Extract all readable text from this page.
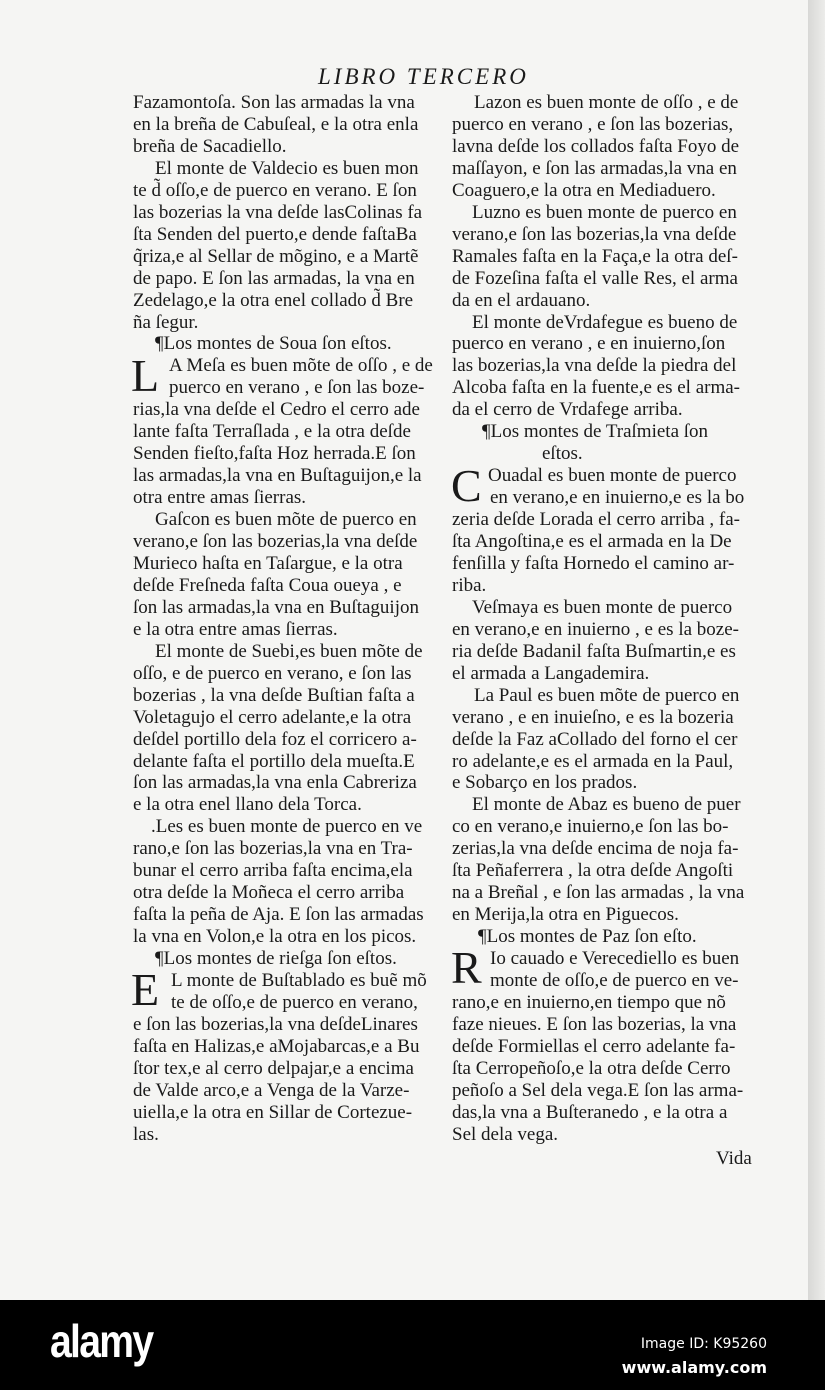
LIBRO TERCERO
Fazamontoſa. Son las armadas la vna
en la breña de Cabuſeal, e la otra enla
breña de Sacadiello.
El monte de Valdecio es buen mon
te d̃ oſſo,e de puerco en verano. E ſon
las bozerias la vna deſde lasColinas fa
ſta Senden del puerto,e dende faſtaBa
q̃riza,e al Sellar de mõgino, e a Martẽ
de papo. E ſon las armadas, la vna en
Zedelago,e la otra enel collado d̃ Bre
ña ſegur.
¶Los montes de Soua ſon eſtos.
A Meſa es buen mõte de oſſo , e de
puerco en verano , e ſon las boze-
rias,la vna deſde el Cedro el cerro ade
lante faſta Terraſlada , e la otra deſde
Senden fieſto,faſta Hoz herrada.E ſon
las armadas,la vna en Buſtaguijon,e la
otra entre amas ſierras.
Gaſcon es buen mõte de puerco en
verano,e ſon las bozerias,la vna deſde
Murieco haſta en Taſargue, e la otra
deſde Freſneda faſta Coua oueya , e
ſon las armadas,la vna en Buſtaguijon
e la otra entre amas ſierras.
El monte de Suebi,es buen mõte de
oſſo, e de puerco en verano, e ſon las
bozerias , la vna deſde Buſtian faſta a
Voletagujo el cerro adelante,e la otra
deſdel portillo dela foz el corricero a-
delante faſta el portillo dela mueſta.E
ſon las armadas,la vna enla Cabreriza
e la otra enel llano dela Torca.
.Les es buen monte de puerco en ve
rano,e ſon las bozerias,la vna en Tra-
bunar el cerro arriba faſta encima,ela
otra deſde la Moñeca el cerro arriba
faſta la peña de Aja. E ſon las armadas
la vna en Volon,e la otra en los picos.
¶Los montes de rieſga ſon eſtos.
L monte de Buſtablado es buẽ mõ
te de oſſo,e de puerco en verano,
e ſon las bozerias,la vna deſdeLinares
faſta en Halizas,e aMojabarcas,e a Bu
ſtor tex,e al cerro delpajar,e a encima
de Valde arco,e a Venga de la Varze-
uiella,e la otra en Sillar de Cortezue-
las.
Lazon es buen monte de oſſo , e de
puerco en verano , e ſon las bozerias,
lavna deſde los collados faſta Foyo de
maſſayon, e ſon las armadas,la vna en
Coaguero,e la otra en Mediaduero.
Luzno es buen monte de puerco en
verano,e ſon las bozerias,la vna deſde
Ramales faſta en la Faça,e la otra deſ-
de Fozeſina faſta el valle Res, el arma
da en el ardauano.
El monte deVrdafegue es bueno de
puerco en verano , e en inuierno,ſon
las bozerias,la vna deſde la piedra del
Alcoba faſta en la fuente,e es el arma-
da el cerro de Vrdafege arriba.
¶Los montes de Traſmieta ſon
eſtos.
Ouadal es buen monte de puerco
en verano,e en inuierno,e es la bo
zeria deſde Lorada el cerro arriba , fa-
ſta Angoſtina,e es el armada en la De
fenſilla y faſta Hornedo el camino ar-
riba.
Veſmaya es buen monte de puerco
en verano,e en inuierno , e es la boze-
ria deſde Badanil faſta Buſmartin,e es
el armada a Langademira.
La Paul es buen mõte de puerco en
verano , e en inuieſno, e es la bozeria
deſde la Faz aCollado del forno el cer
ro adelante,e es el armada en la Paul,
e Sobarço en los prados.
El monte de Abaz es bueno de puer
co en verano,e inuierno,e ſon las bo-
zerias,la vna deſde encima de noja fa-
ſta Peñaferrera , la otra deſde Angoſti
na a Breñal , e ſon las armadas , la vna
en Merija,la otra en Piguecos.
¶Los montes de Paz ſon eſto.
Io cauado e Verecediello es buen
monte de oſſo,e de puerco en ve-
rano,e en inuierno,en tiempo que nõ
faze nieues. E ſon las bozerias, la vna
deſde Formiellas el cerro adelante fa-
ſta Cerropeñoſo,e la otra deſde Cerro
peñoſo a Sel dela vega.E ſon las arma-
das,la vna a Buſteranedo , e la otra a
Sel dela vega.
L
E
C
R
Vida
alamy	Image ID: K95260
www.alamy.com
